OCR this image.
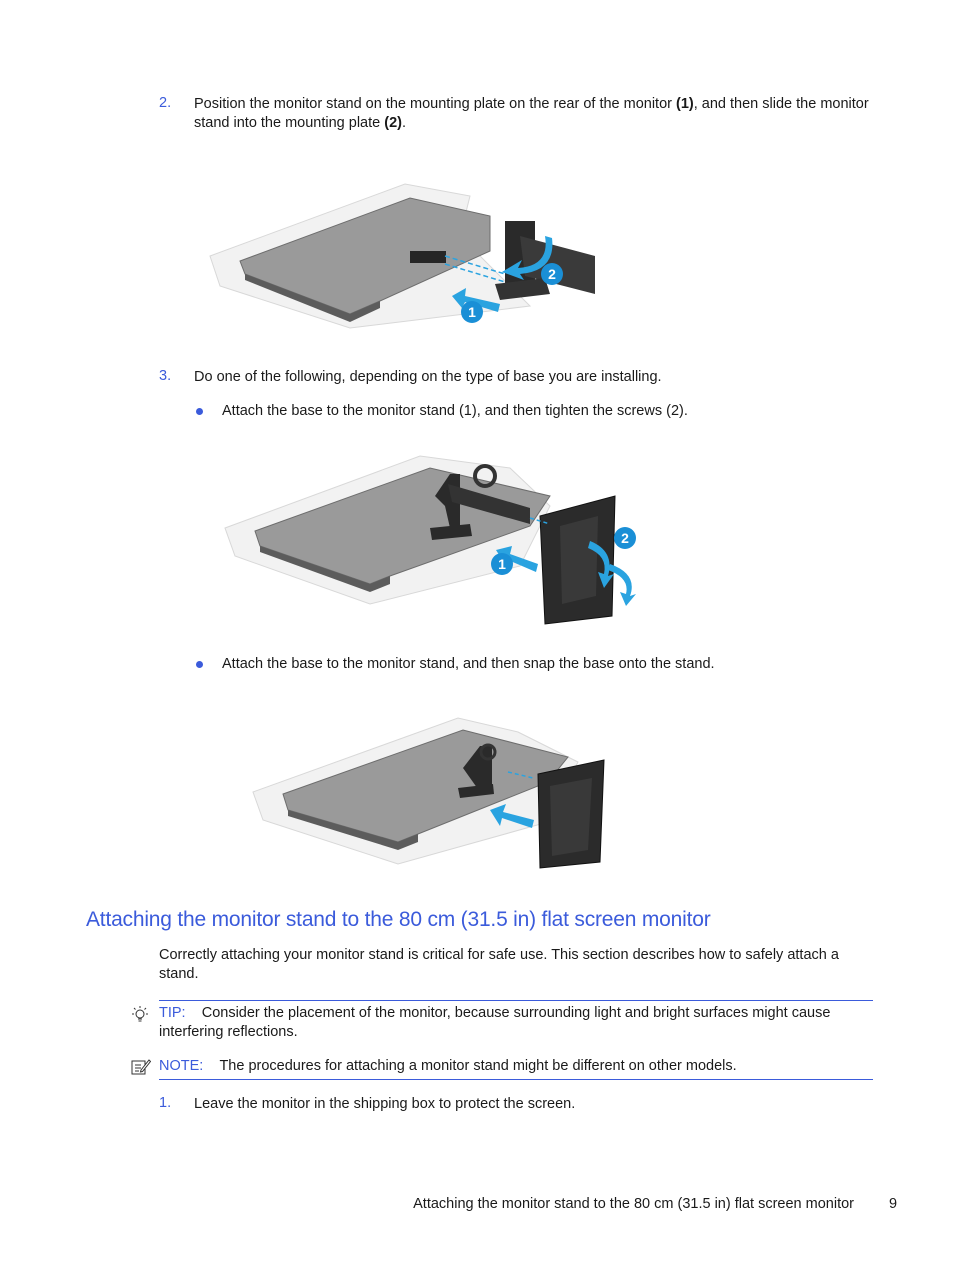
2. Position the monitor stand on the mounting plate on the rear of the monitor (1), and then slide the monitor stand into the mounting plate (2).
1
2
3. Do one of the following, depending on the type of base you are installing.
Attach the base to the monitor stand (1), and then tighten the screws (2).
1
2
Attach the base to the monitor stand, and then snap the base onto the stand.
Attaching the monitor stand to the 80 cm (31.5 in) flat screen monitor
Correctly attaching your monitor stand is critical for safe use. This section describes how to safely attach a stand.
TIP: Consider the placement of the monitor, because surrounding light and bright surfaces might cause interfering reflections.
NOTE: The procedures for attaching a monitor stand might be different on other models.
1. Leave the monitor in the shipping box to protect the screen.
Attaching the monitor stand to the 80 cm (31.5 in) flat screen monitor 9
